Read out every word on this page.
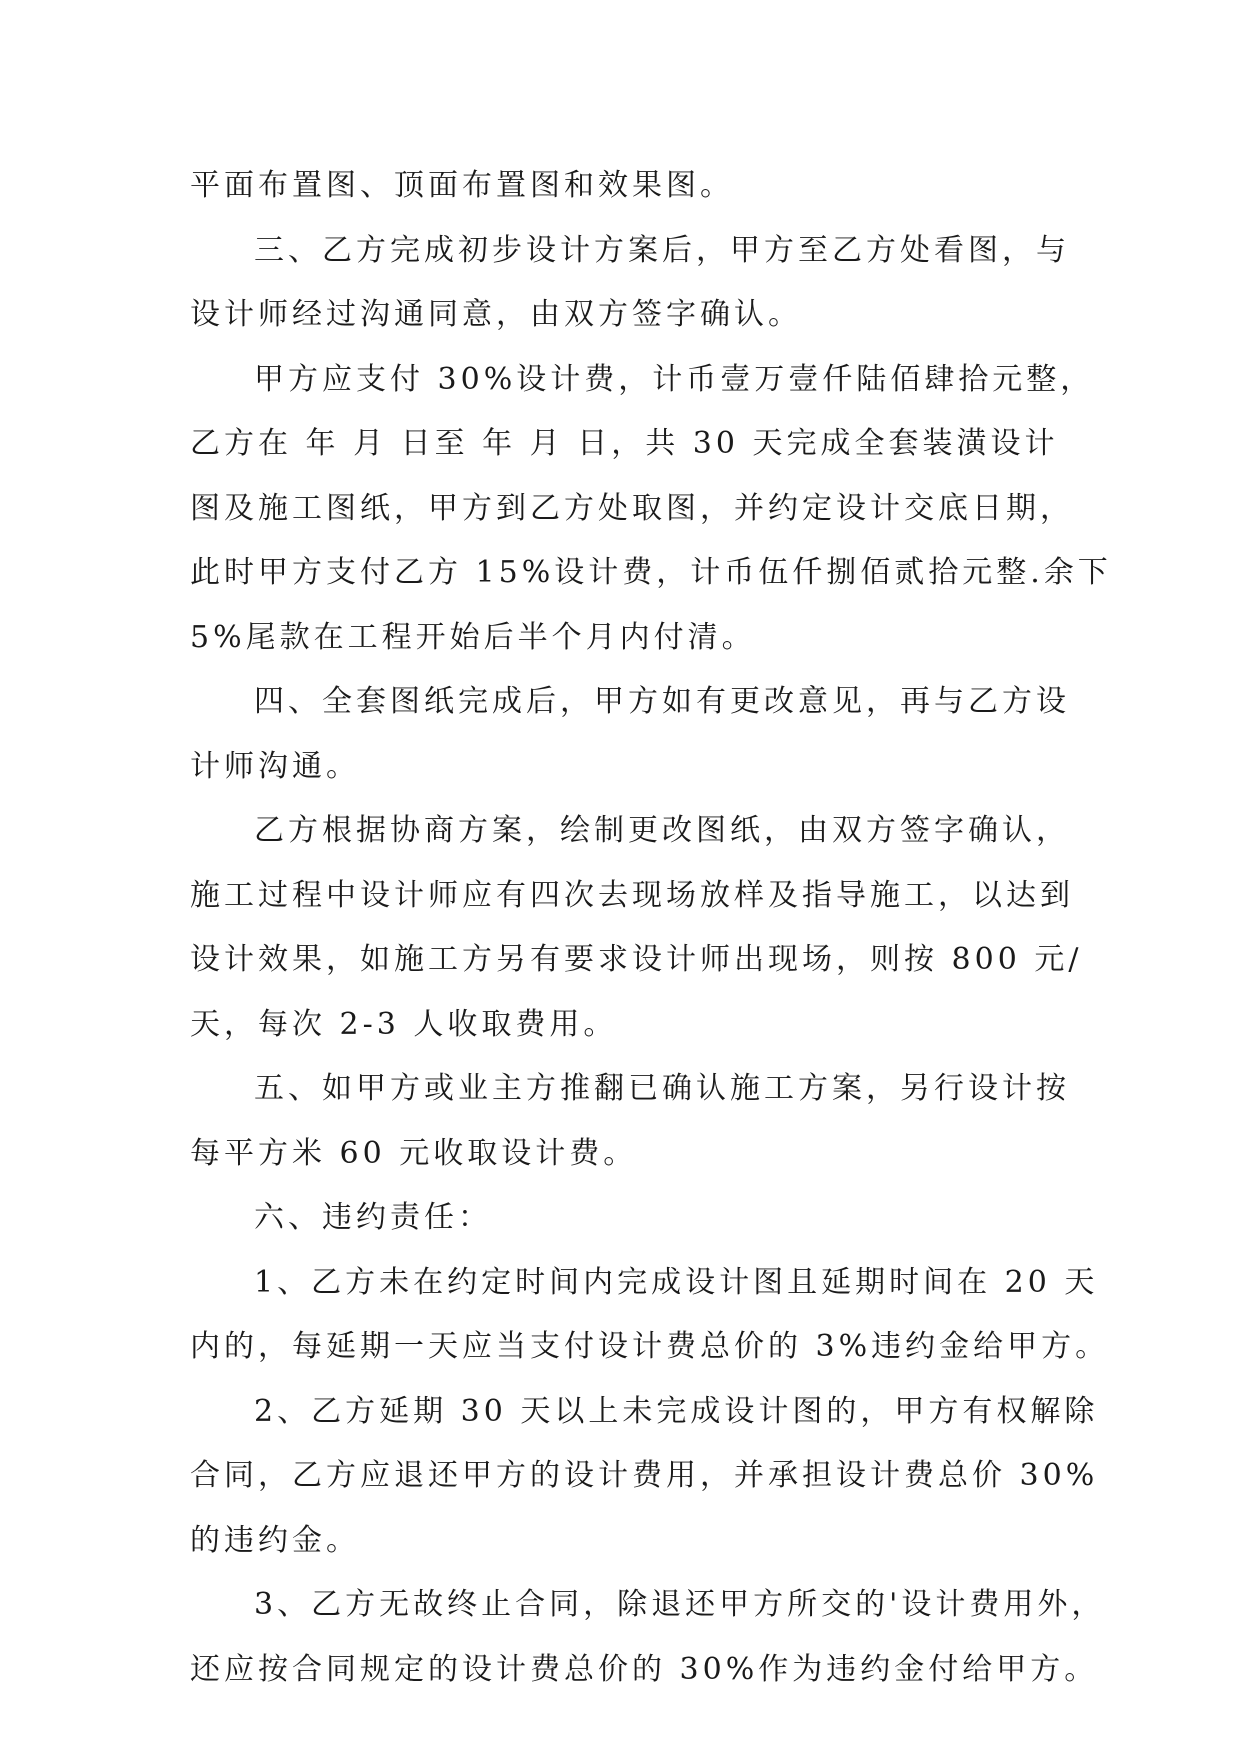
平面布置图、顶面布置图和效果图。
三、乙方完成初步设计方案后，甲方至乙方处看图，与
设计师经过沟通同意，由双方签字确认。
甲方应支付 30%设计费，计币壹万壹仟陆佰肆拾元整，
乙方在 年 月 日至 年 月 日，共 30 天完成全套装潢设计
图及施工图纸，甲方到乙方处取图，并约定设计交底日期，
此时甲方支付乙方 15%设计费，计币伍仟捌佰贰拾元整.余下
5%尾款在工程开始后半个月内付清。
四、全套图纸完成后，甲方如有更改意见，再与乙方设
计师沟通。
乙方根据协商方案，绘制更改图纸，由双方签字确认，
施工过程中设计师应有四次去现场放样及指导施工，以达到
设计效果，如施工方另有要求设计师出现场，则按 800 元/
天，每次 2-3 人收取费用。
五、如甲方或业主方推翻已确认施工方案，另行设计按
每平方米 60 元收取设计费。
六、违约责任：
1、乙方未在约定时间内完成设计图且延期时间在 20 天
内的，每延期一天应当支付设计费总价的 3%违约金给甲方。
2、乙方延期 30 天以上未完成设计图的，甲方有权解除
合同，乙方应退还甲方的设计费用，并承担设计费总价 30%
的违约金。
3、乙方无故终止合同，除退还甲方所交的'设计费用外，
还应按合同规定的设计费总价的 30%作为违约金付给甲方。
